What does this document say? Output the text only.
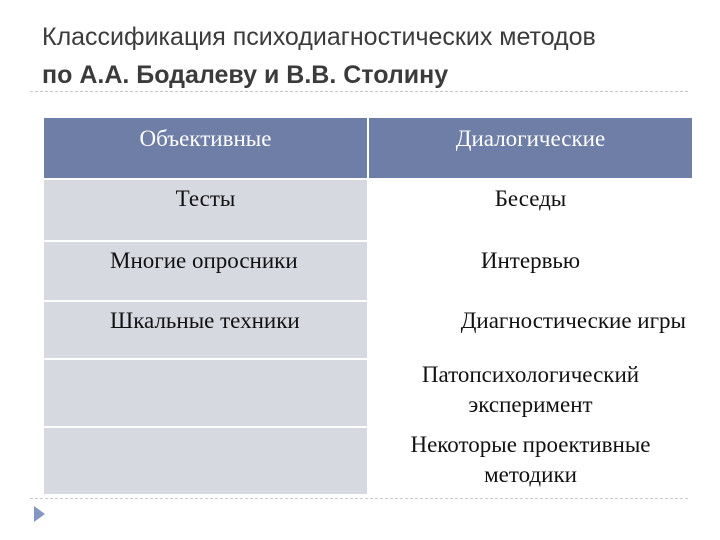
Классификация психодиагностических методов
по А.А. Бодалеву и В.В. Столину
Объективные	Диалогические
Тесты	Беседы
Многие опросники	Интервью
Шкальные техники	Диагностические игры
	Патопсихологический эксперимент
	Некоторые проективные методики
